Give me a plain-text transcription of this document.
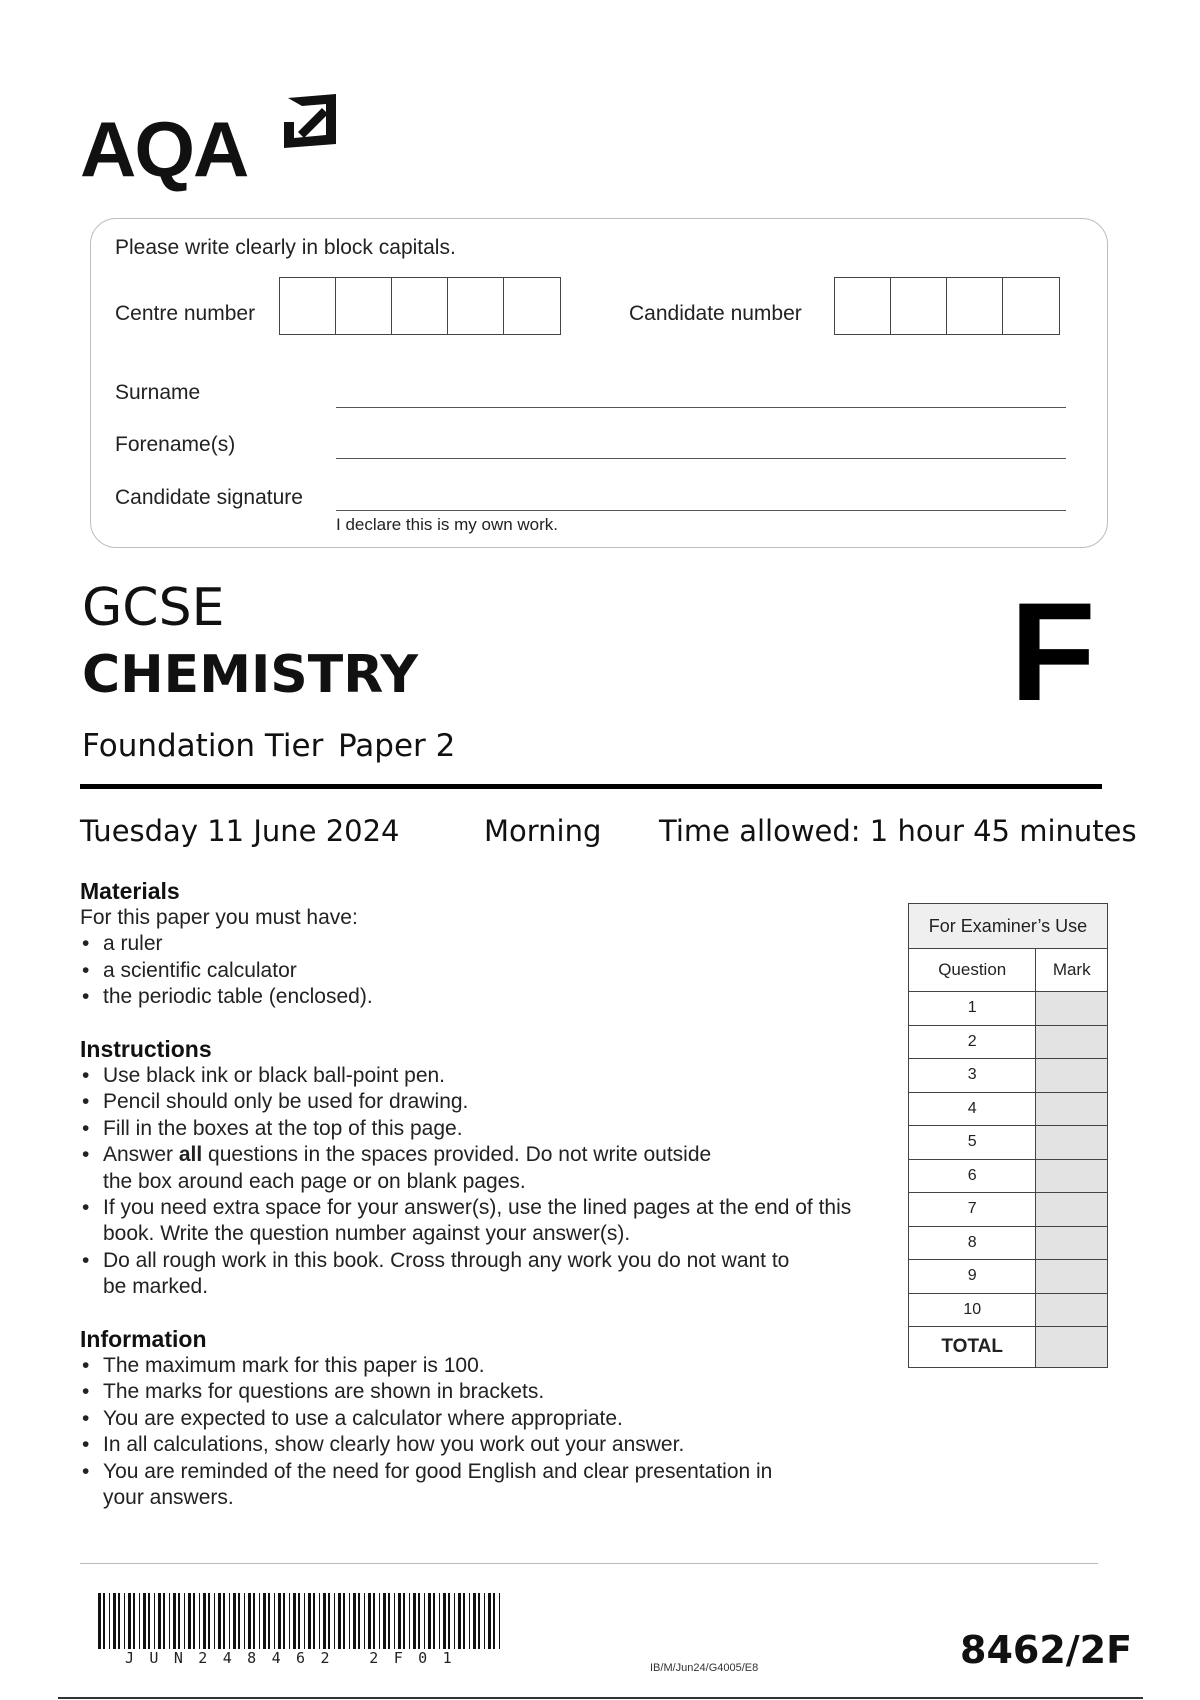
AQA
Please write clearly in block capitals.
Centre number	Candidate number
Surname
Forename(s)
Candidate signature
I declare this is my own work.
GCSE
CHEMISTRY
Foundation Tier Paper 2
F
Tuesday 11 June 2024	Morning Time allowed: 1 hour 45 minutes
Materials
For this paper you must have:
• a ruler
• a scientific calculator
• the periodic table (enclosed).
Instructions
• Use black ink or black ball-point pen.
• Pencil should only be used for drawing.
• Fill in the boxes at the top of this page.
• Answer all questions in the spaces provided. Do not write outside the box around each page or on blank pages.
• If you need extra space for your answer(s), use the lined pages at the end of this book. Write the question number against your answer(s).
• Do all rough work in this book. Cross through any work you do not want to be marked.
Information
• The maximum mark for this paper is 100.
• The marks for questions are shown in brackets.
• You are expected to use a calculator where appropriate.
• In all calculations, show clearly how you work out your answer.
• You are reminded of the need for good English and clear presentation in your answers.
For Examiner’s Use	
Question	Mark
1	
2	
3	
4	
5	
6	
7	
8	
9	
10	
TOTAL	
JUN248462 2F01
IB/M/Jun24/G4005/E8	8462/2F
